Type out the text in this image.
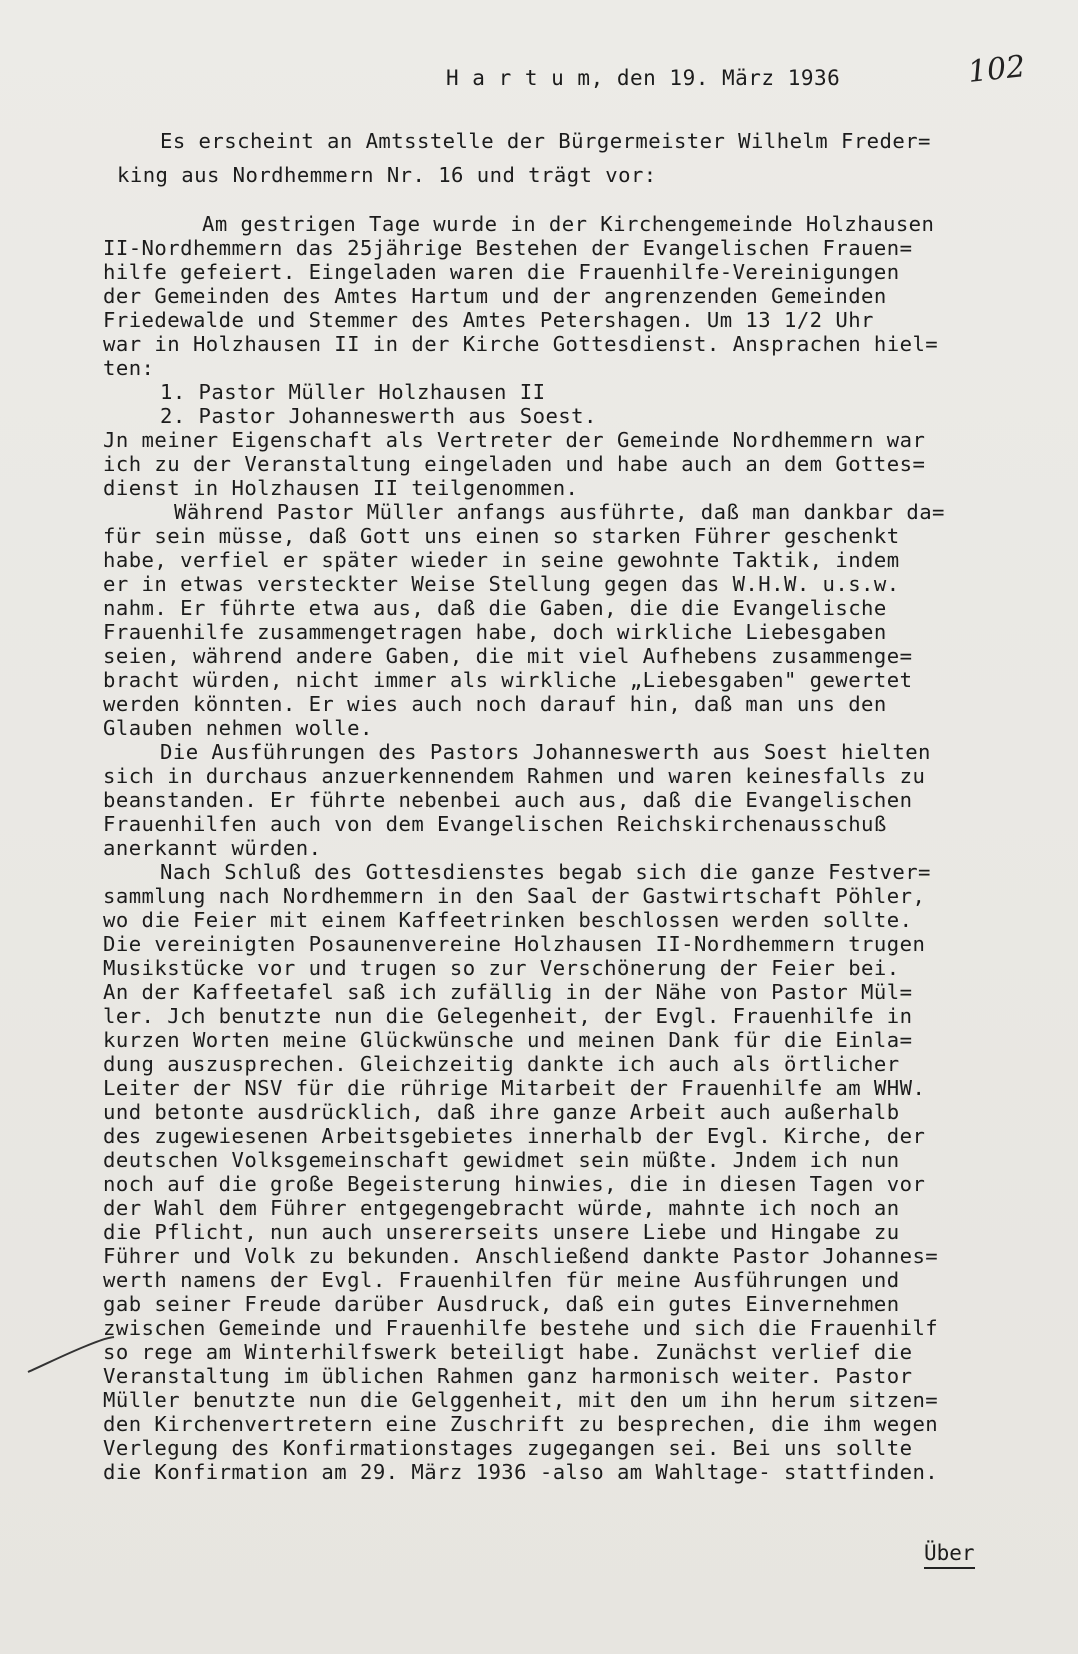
H a r t u m, den 19. März 1936	102
Es erscheint an Amtsstelle der Bürgermeister Wilhelm Freder=
king aus Nordhemmern Nr. 16 und trägt vor:
Am gestrigen Tage wurde in der Kirchengemeinde Holzhausen
II-Nordhemmern das 25jährige Bestehen der Evangelischen Frauen=
hilfe gefeiert. Eingeladen waren die Frauenhilfe-Vereinigungen
der Gemeinden des Amtes Hartum und der angrenzenden Gemeinden
Friedewalde und Stemmer des Amtes Petershagen. Um 13 1/2 Uhr
war in Holzhausen II in der Kirche Gottesdienst. Ansprachen hiel=
ten:
1. Pastor Müller Holzhausen II
2. Pastor Johanneswerth aus Soest.
Jn meiner Eigenschaft als Vertreter der Gemeinde Nordhemmern war
ich zu der Veranstaltung eingeladen und habe auch an dem Gottes=
dienst in Holzhausen II teilgenommen.
Während Pastor Müller anfangs ausführte, daß man dankbar da=
für sein müsse, daß Gott uns einen so starken Führer geschenkt
habe, verfiel er später wieder in seine gewohnte Taktik, indem
er in etwas versteckter Weise Stellung gegen das W.H.W. u.s.w.
nahm. Er führte etwa aus, daß die Gaben, die die Evangelische
Frauenhilfe zusammengetragen habe, doch wirkliche Liebesgaben
seien, während andere Gaben, die mit viel Aufhebens zusammenge=
bracht würden, nicht immer als wirkliche „Liebesgaben" gewertet
werden könnten. Er wies auch noch darauf hin, daß man uns den
Glauben nehmen wolle.
Die Ausführungen des Pastors Johanneswerth aus Soest hielten
sich in durchaus anzuerkennendem Rahmen und waren keinesfalls zu
beanstanden. Er führte nebenbei auch aus, daß die Evangelischen
Frauenhilfen auch von dem Evangelischen Reichskirchenausschuß
anerkannt würden.
Nach Schluß des Gottesdienstes begab sich die ganze Festver=
sammlung nach Nordhemmern in den Saal der Gastwirtschaft Pöhler,
wo die Feier mit einem Kaffeetrinken beschlossen werden sollte.
Die vereinigten Posaunenvereine Holzhausen II-Nordhemmern trugen
Musikstücke vor und trugen so zur Verschönerung der Feier bei.
An der Kaffeetafel saß ich zufällig in der Nähe von Pastor Mül=
ler. Jch benutzte nun die Gelegenheit, der Evgl. Frauenhilfe in
kurzen Worten meine Glückwünsche und meinen Dank für die Einla=
dung auszusprechen. Gleichzeitig dankte ich auch als örtlicher
Leiter der NSV für die rührige Mitarbeit der Frauenhilfe am WHW.
und betonte ausdrücklich, daß ihre ganze Arbeit auch außerhalb
des zugewiesenen Arbeitsgebietes innerhalb der Evgl. Kirche, der
deutschen Volksgemeinschaft gewidmet sein müßte. Jndem ich nun
noch auf die große Begeisterung hinwies, die in diesen Tagen vor
der Wahl dem Führer entgegengebracht würde, mahnte ich noch an
die Pflicht, nun auch unsererseits unsere Liebe und Hingabe zu
Führer und Volk zu bekunden. Anschließend dankte Pastor Johannes=
werth namens der Evgl. Frauenhilfen für meine Ausführungen und
gab seiner Freude darüber Ausdruck, daß ein gutes Einvernehmen
zwischen Gemeinde und Frauenhilfe bestehe und sich die Frauenhilf
so rege am Winterhilfswerk beteiligt habe. Zunächst verlief die
Veranstaltung im üblichen Rahmen ganz harmonisch weiter. Pastor
Müller benutzte nun die Gelggenheit, mit den um ihn herum sitzen=
den Kirchenvertretern eine Zuschrift zu besprechen, die ihm wegen
Verlegung des Konfirmationstages zugegangen sei. Bei uns sollte
die Konfirmation am 29. März 1936 -also am Wahltage- stattfinden.
Über
